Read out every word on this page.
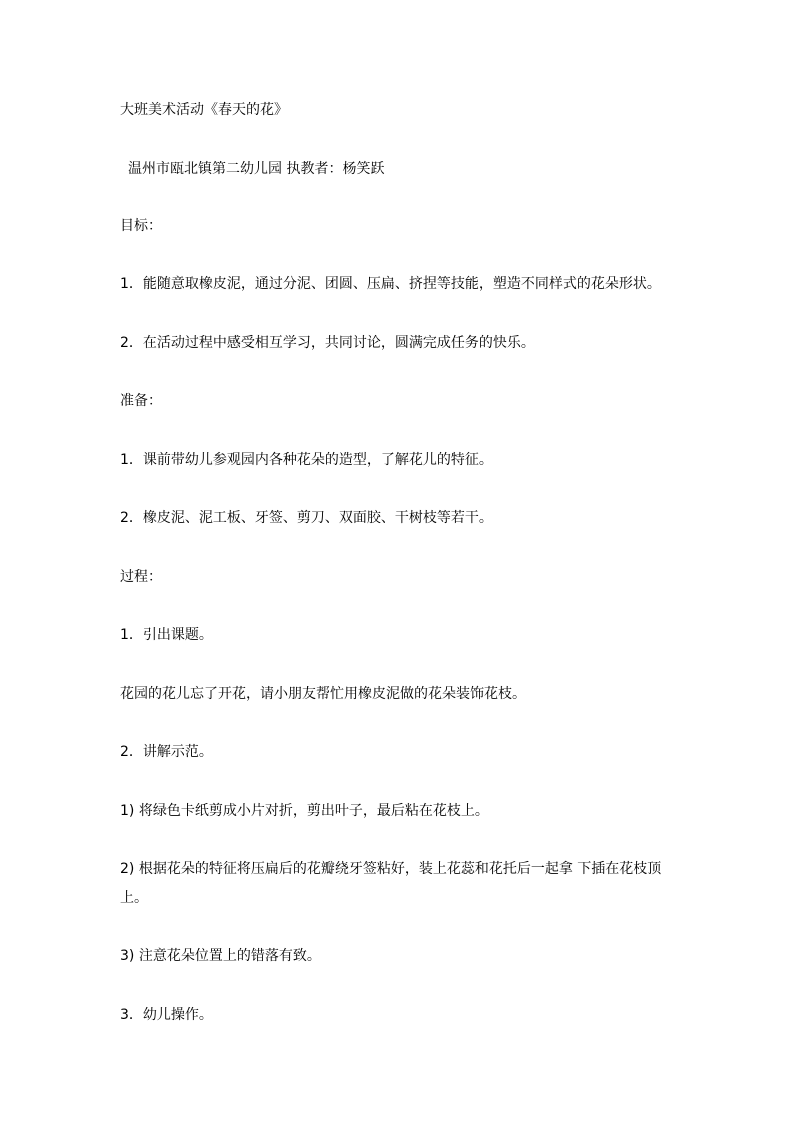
大班美术活动《春天的花》
温州市瓯北镇第二幼儿园 执教者：杨笑跃
目标：
1．能随意取橡皮泥，通过分泥、团圆、压扁、挤捏等技能，塑造不同样式的花朵形状。
2．在活动过程中感受相互学习，共同讨论，圆满完成任务的快乐。
准备：
1．课前带幼儿参观园内各种花朵的造型，了解花儿的特征。
2．橡皮泥、泥工板、牙签、剪刀、双面胶、干树枝等若干。
过程：
1．引出课题。
花园的花儿忘了开花，请小朋友帮忙用橡皮泥做的花朵装饰花枝。
2．讲解示范。
1) 将绿色卡纸剪成小片对折，剪出叶子，最后粘在花枝上。
2) 根据花朵的特征将压扁后的花瓣绕牙签粘好，装上花蕊和花托后一起拿 下插在花枝顶上。
3) 注意花朵位置上的错落有致。
3．幼儿操作。
